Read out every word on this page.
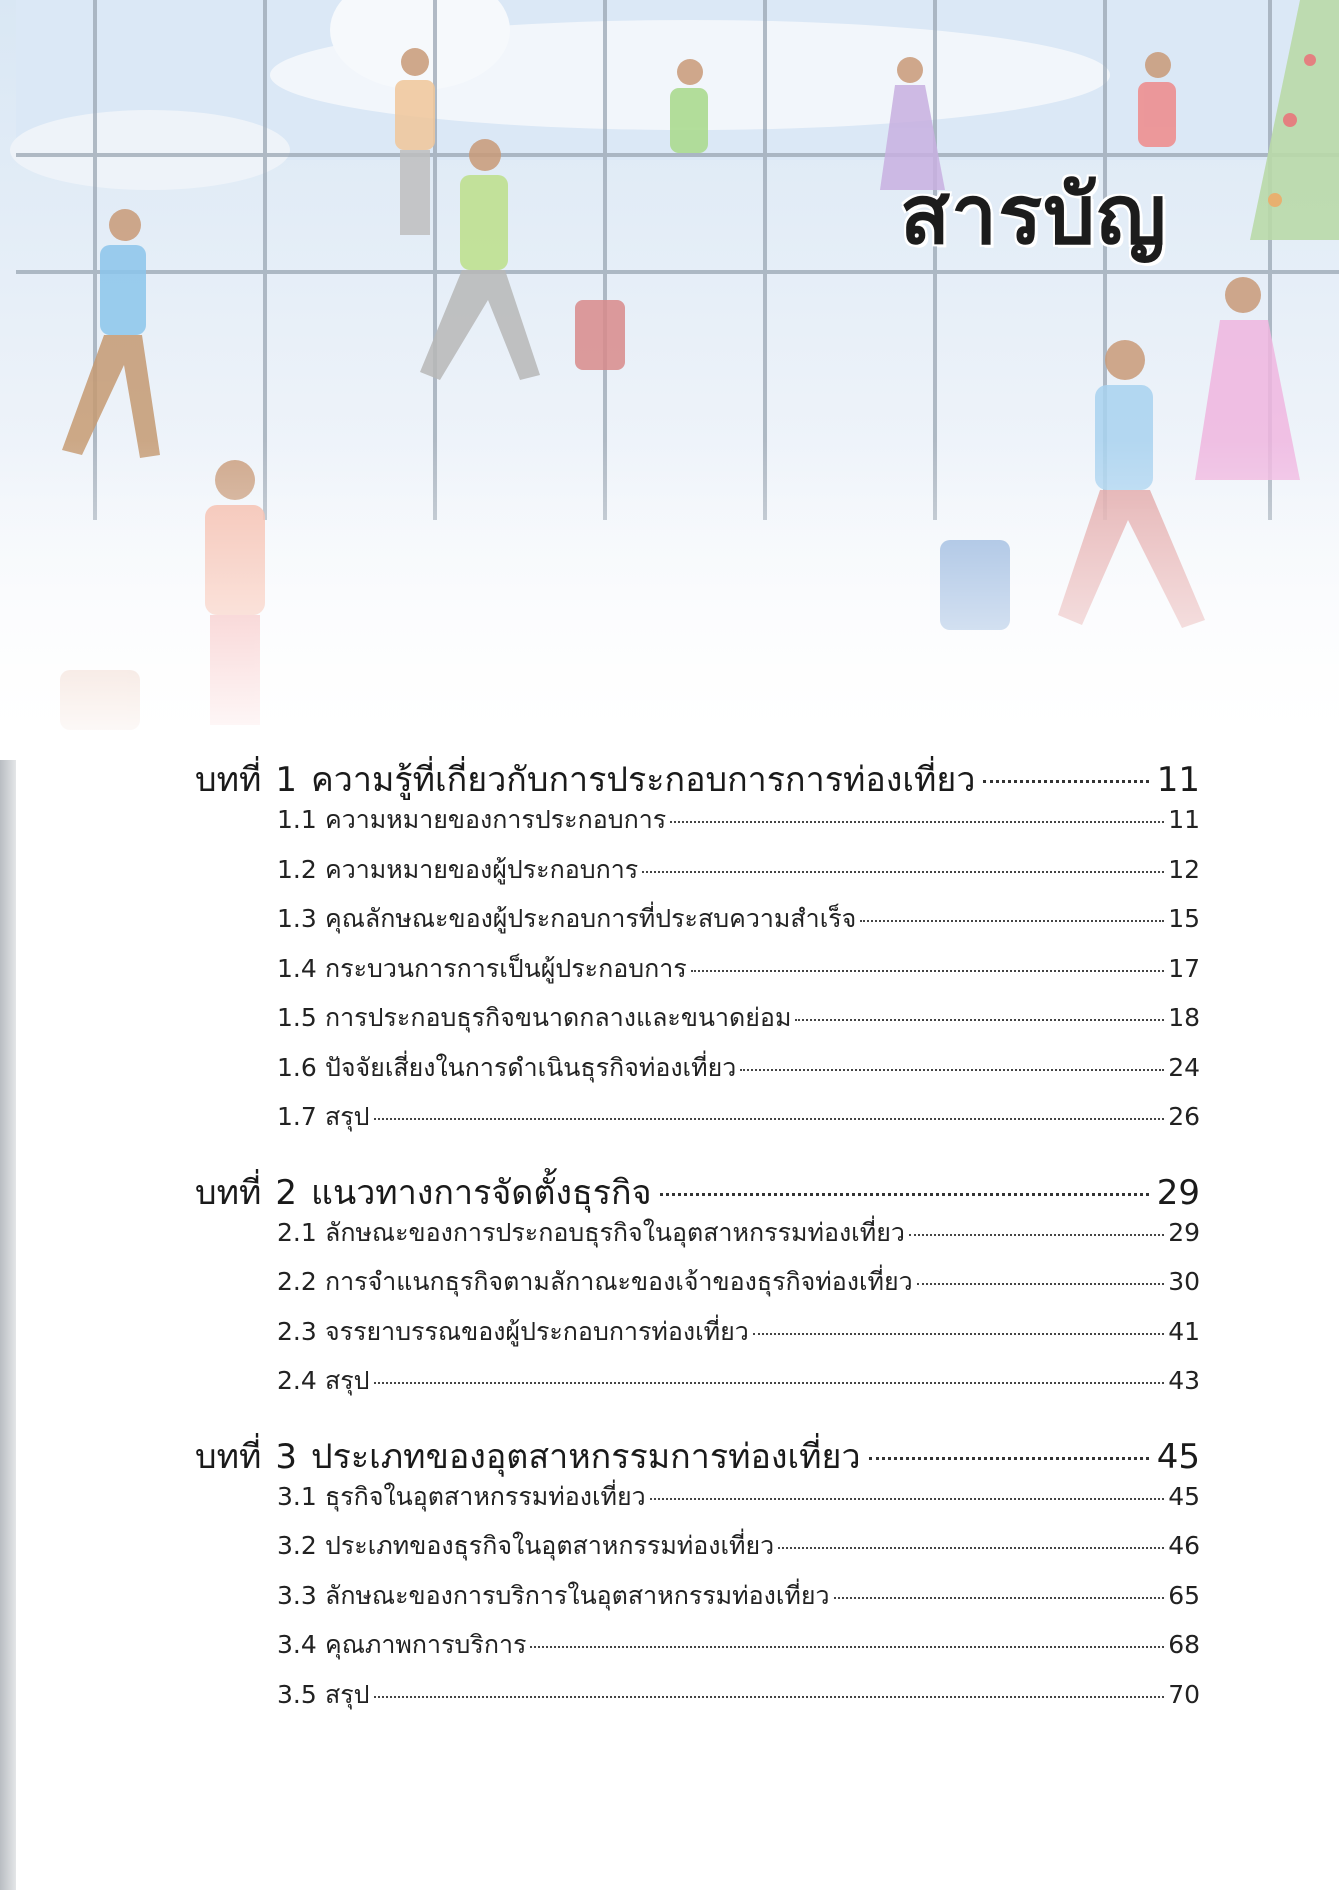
สารบัญ
บทที่ 1 ความรู้ที่เกี่ยวกับการประกอบการการท่องเที่ยว	11
1.1 ความหมายของการประกอบการ	11
1.2 ความหมายของผู้ประกอบการ	12
1.3 คุณลักษณะของผู้ประกอบการที่ประสบความสำเร็จ	15
1.4 กระบวนการการเป็นผู้ประกอบการ	17
1.5 การประกอบธุรกิจขนาดกลางและขนาดย่อม	18
1.6 ปัจจัยเสี่ยงในการดำเนินธุรกิจท่องเที่ยว	24
1.7 สรุป	26
บทที่ 2 แนวทางการจัดตั้งธุรกิจ	29
2.1 ลักษณะของการประกอบธุรกิจในอุตสาหกรรมท่องเที่ยว	29
2.2 การจำแนกธุรกิจตามลักาณะของเจ้าของธุรกิจท่องเที่ยว	30
2.3 จรรยาบรรณของผู้ประกอบการท่องเที่ยว	41
2.4 สรุป	43
บทที่ 3 ประเภทของอุตสาหกรรมการท่องเที่ยว	45
3.1 ธุรกิจในอุตสาหกรรมท่องเที่ยว	45
3.2 ประเภทของธุรกิจในอุตสาหกรรมท่องเที่ยว	46
3.3 ลักษณะของการบริการในอุตสาหกรรมท่องเที่ยว	65
3.4 คุณภาพการบริการ	68
3.5 สรุป	70
